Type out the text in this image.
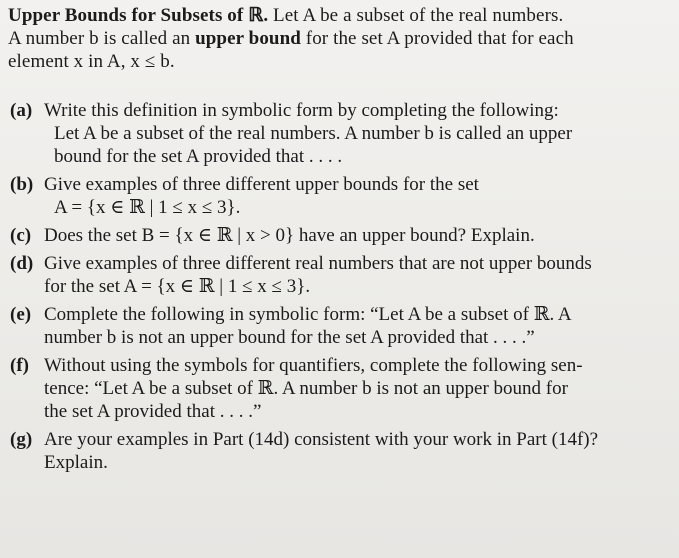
Upper Bounds for Subsets of ℝ. Let A be a subset of the real numbers.
A number b is called an upper bound for the set A provided that for each
element x in A, x ≤ b.
(a) Write this definition in symbolic form by completing the following:
Let A be a subset of the real numbers. A number b is called an upper
bound for the set A provided that . . . .
(b) Give examples of three different upper bounds for the set
A = {x ∈ ℝ | 1 ≤ x ≤ 3}.
(c) Does the set B = {x ∈ ℝ | x > 0} have an upper bound? Explain.
(d) Give examples of three different real numbers that are not upper bounds
for the set A = {x ∈ ℝ | 1 ≤ x ≤ 3}.
(e) Complete the following in symbolic form: “Let A be a subset of ℝ. A
number b is not an upper bound for the set A provided that . . . .”
(f) Without using the symbols for quantifiers, complete the following sen-
tence: “Let A be a subset of ℝ. A number b is not an upper bound for
the set A provided that . . . .”
(g) Are your examples in Part (14d) consistent with your work in Part (14f)?
Explain.
